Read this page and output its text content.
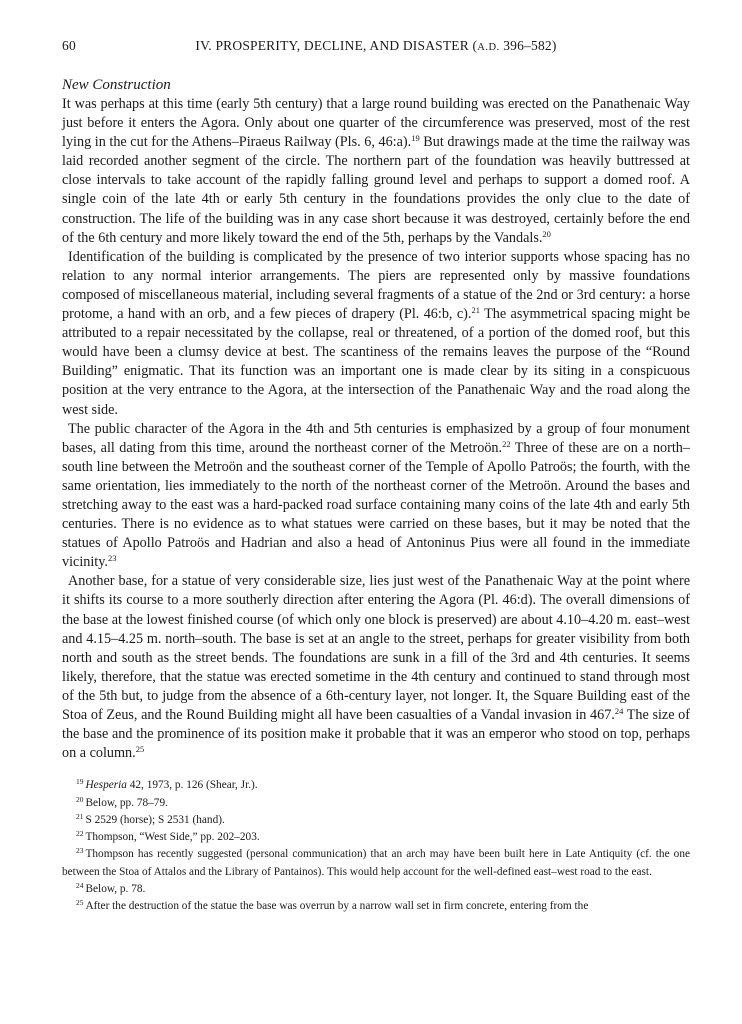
60	IV. PROSPERITY, DECLINE, AND DISASTER (A.D. 396–582)
New Construction

It was perhaps at this time (early 5th century) that a large round building was erected on the Panathenaic Way just before it enters the Agora. Only about one quarter of the circumference was preserved, most of the rest lying in the cut for the Athens–Piraeus Railway (Pls. 6, 46:a).$^{19}$ But drawings made at the time the railway was laid recorded another segment of the circle. The northern part of the foundation was heavily buttressed at close intervals to take account of the rapidly falling ground level and perhaps to support a domed roof. A single coin of the late 4th or early 5th century in the foundations provides the only clue to the date of construction. The life of the building was in any case short because it was destroyed, certainly before the end of the 6th century and more likely toward the end of the 5th, perhaps by the Vandals.$^{20}$

Identification of the building is complicated by the presence of two interior supports whose spacing has no relation to any normal interior arrangements. The piers are represented only by massive foundations composed of miscellaneous material, including several fragments of a statue of the 2nd or 3rd century: a horse protome, a hand with an orb, and a few pieces of drapery (Pl. 46:b, c).$^{21}$ The asymmetrical spacing might be attributed to a repair necessitated by the collapse, real or threatened, of a portion of the domed roof, but this would have been a clumsy device at best. The scantiness of the remains leaves the purpose of the “Round Building” enigmatic. That its function was an important one is made clear by its siting in a conspicuous position at the very entrance to the Agora, at the intersection of the Panathenaic Way and the road along the west side.

The public character of the Agora in the 4th and 5th centuries is emphasized by a group of four monument bases, all dating from this time, around the northeast corner of the Metroön.$^{22}$ Three of these are on a north–south line between the Metroön and the southeast corner of the Temple of Apollo Patroös; the fourth, with the same orientation, lies immediately to the north of the northeast corner of the Metroön. Around the bases and stretching away to the east was a hard-packed road surface containing many coins of the late 4th and early 5th centuries. There is no evidence as to what statues were carried on these bases, but it may be noted that the statues of Apollo Patroös and Hadrian and also a head of Antoninus Pius were all found in the immediate vicinity.$^{23}$

Another base, for a statue of very considerable size, lies just west of the Panathenaic Way at the point where it shifts its course to a more southerly direction after entering the Agora (Pl. 46:d). The overall dimensions of the base at the lowest finished course (of which only one block is preserved) are about 4.10–4.20 m. east–west and 4.15–4.25 m. north–south. The base is set at an angle to the street, perhaps for greater visibility from both north and south as the street bends. The foundations are sunk in a fill of the 3rd and 4th centuries. It seems likely, therefore, that the statue was erected sometime in the 4th century and continued to stand through most of the 5th but, to judge from the absence of a 6th-century layer, not longer. It, the Square Building east of the Stoa of Zeus, and the Round Building might all have been casualties of a Vandal invasion in 467.24 The size of the base and the prominence of its position make it probable that it was an emperor who stood on top, perhaps on a column.$^{25}$

$^{19}$ Hesperia 42, 1973, p. 126 (Shear, Jr.).

$^{20}$ Below, pp. 78–79.

$^{21}$ S 2529 (horse); S 2531 (hand).

$^{22}$ Thompson, “West Side,” pp. 202–203.

$^{23}$ Thompson has recently suggested (personal communication) that an arch may have been built here in Late Antiquity (cf. the one between the Stoa of Attalos and the Library of Pantainos). This would help account for the well-defined east–west road to the east.

$^{24}$ Below, p. 78.

$^{25}$ After the destruction of the statue the base was overrun by a narrow wall set in firm concrete, entering from the
